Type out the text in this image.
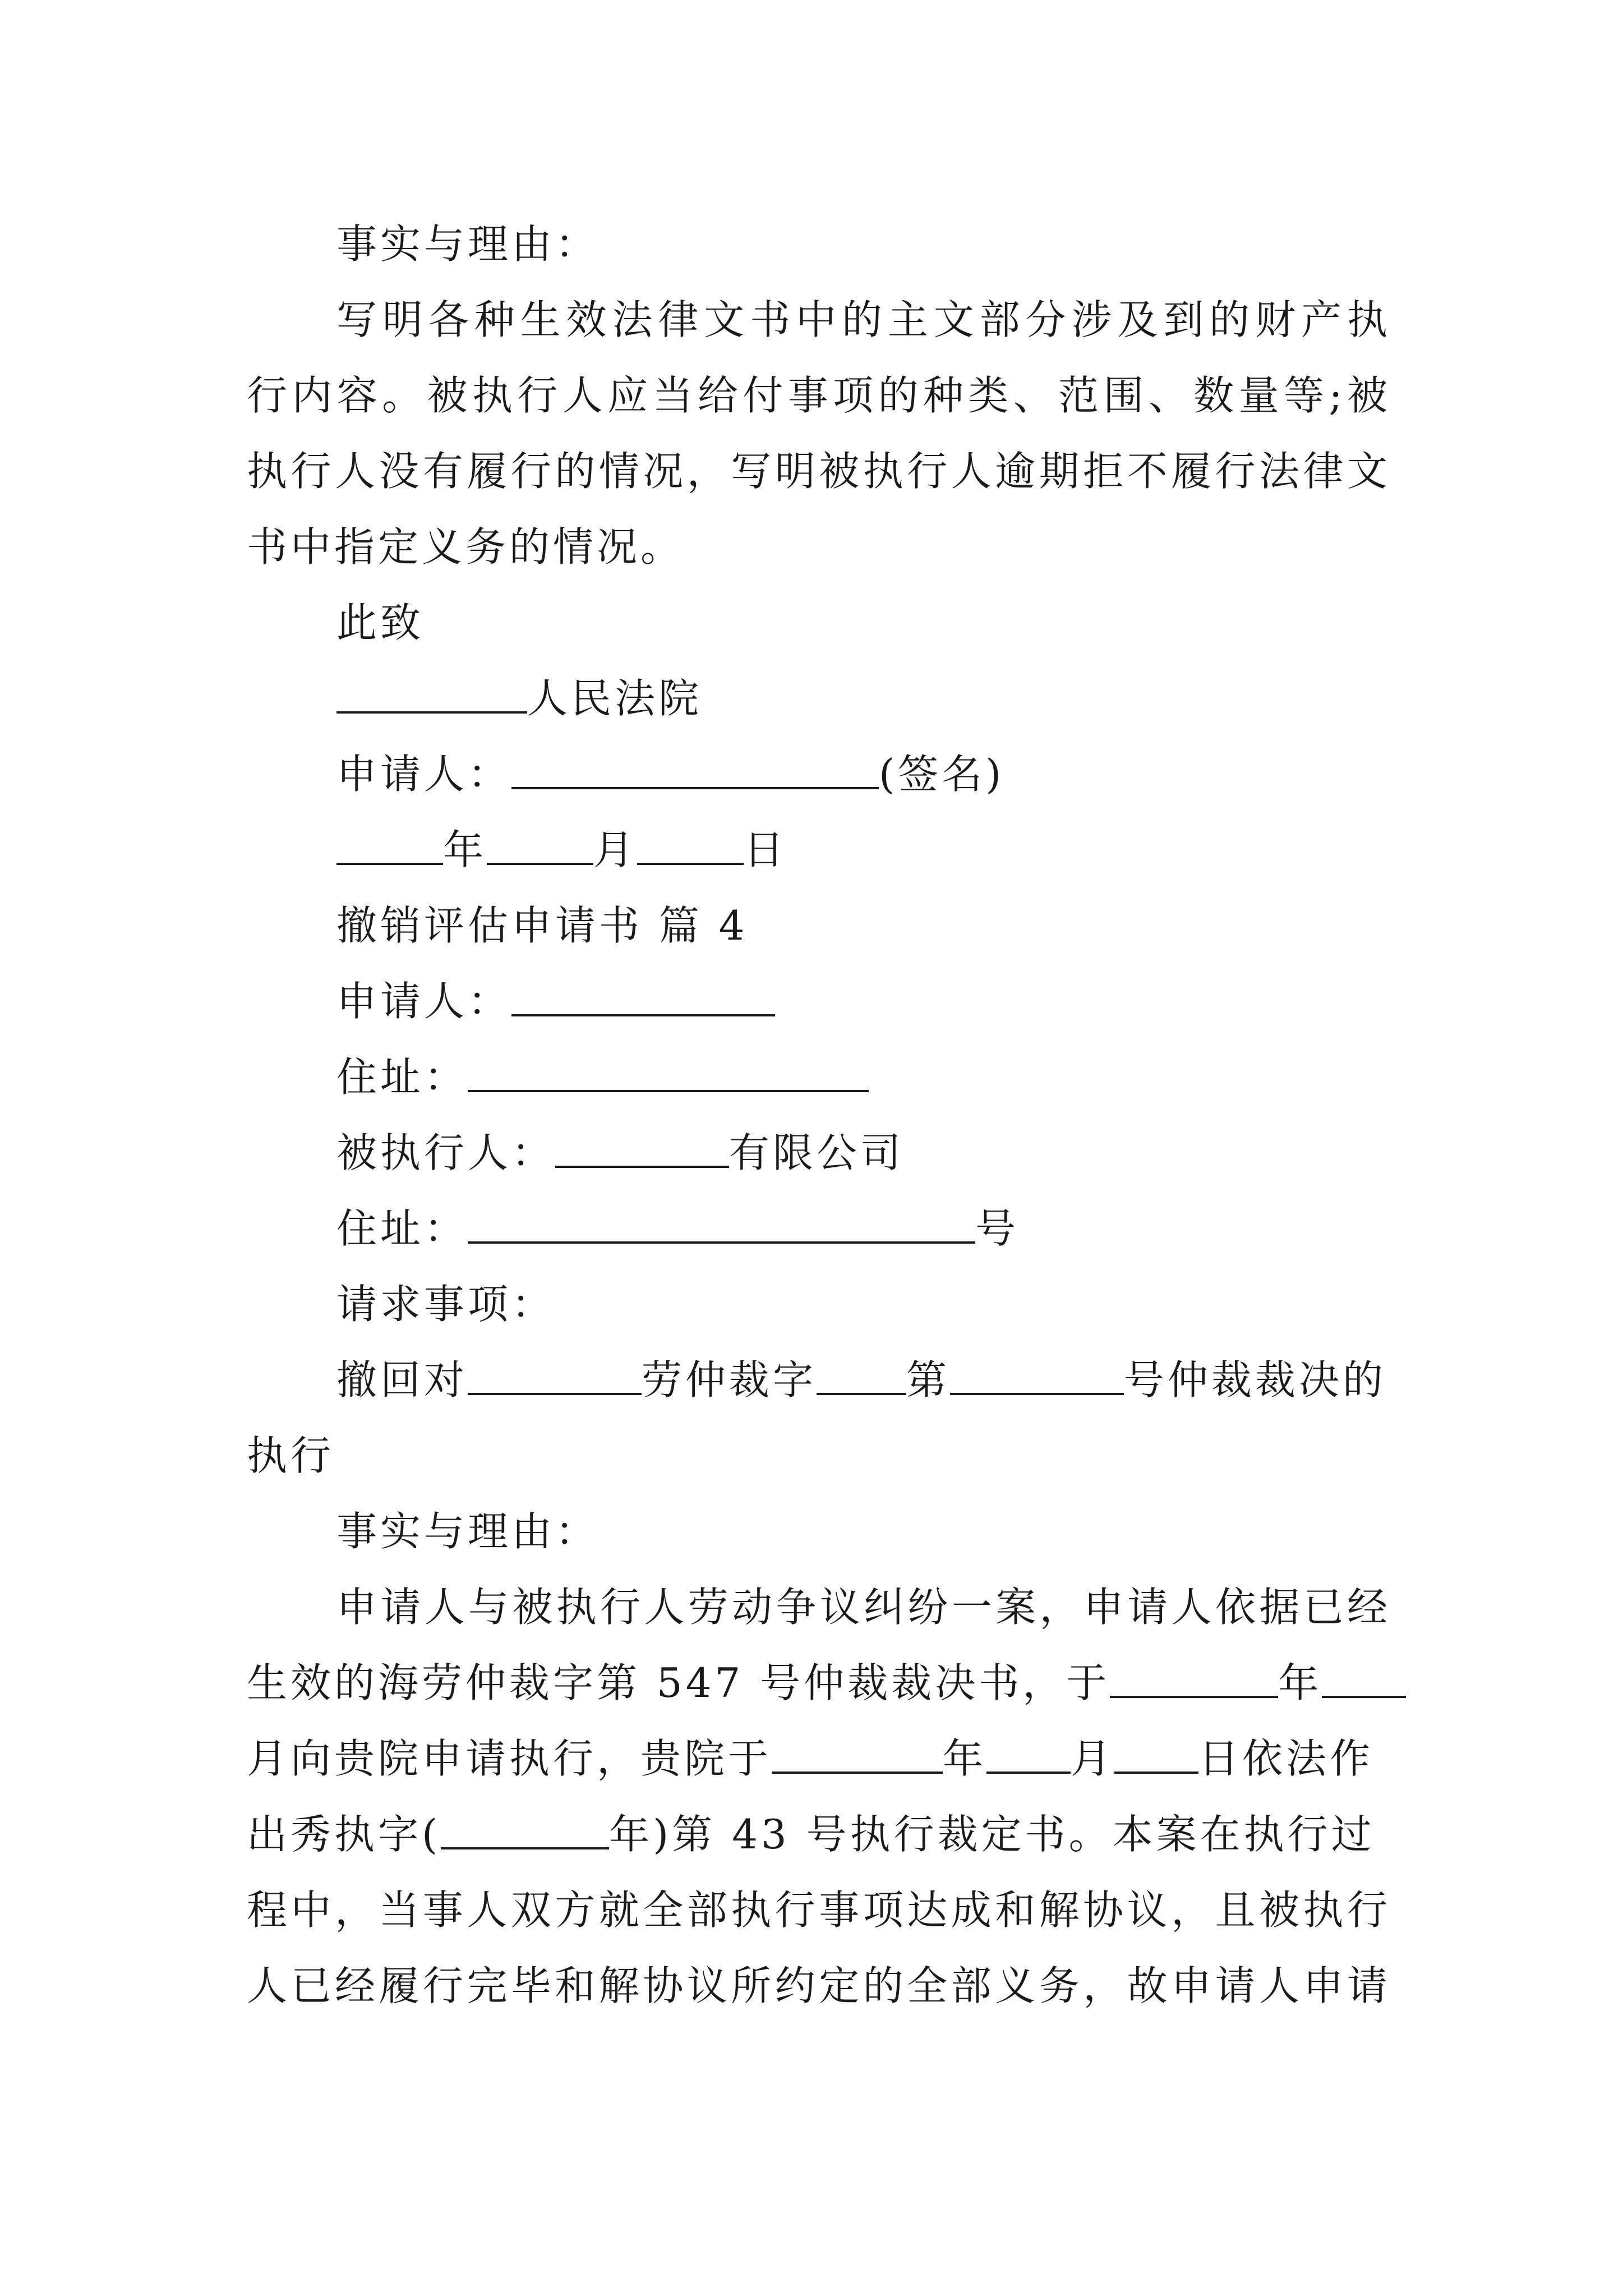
事实与理由：
写明各种生效法律文书中的主文部分涉及到的财产执
行内容。被执行人应当给付事项的种类、范围、数量等;被
执行人没有履行的情况，写明被执行人逾期拒不履行法律文
书中指定义务的情况。
此致
人民法院
申请人：	(签名)
年	月	日
撤销评估申请书 篇 4
申请人：
住址：
被执行人：	有限公司
住址：	号
请求事项：
撤回对	劳仲裁字 第	号仲裁裁决的
执行
事实与理由：
申请人与被执行人劳动争议纠纷一案，申请人依据已经
生效的海劳仲裁字第 547 号仲裁裁决书，于	年
月向贵院申请执行，贵院于	年 月 日依法作
出秀执字(	年)第 43 号执行裁定书。本案在执行过
程中，当事人双方就全部执行事项达成和解协议，且被执行
人已经履行完毕和解协议所约定的全部义务，故申请人申请
